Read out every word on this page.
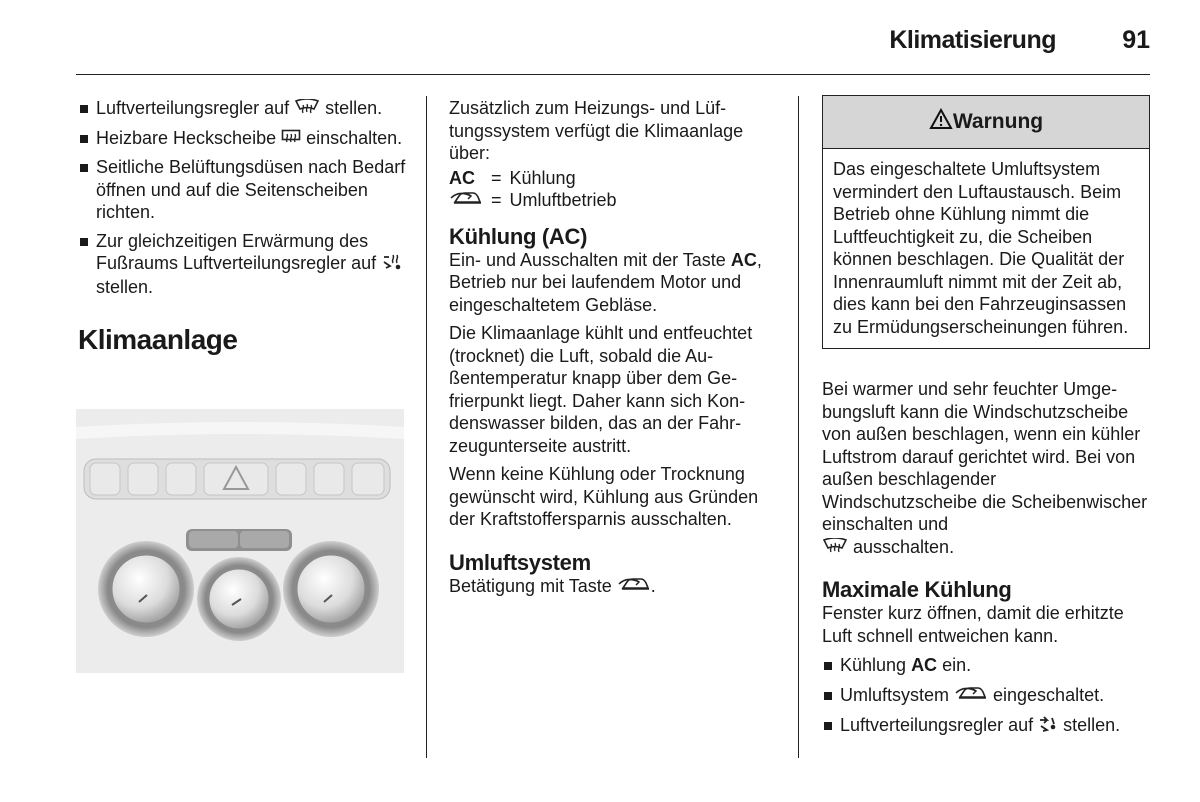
Klimatisierung	91
Luftverteilungsregler auf  stellen.
Heizbare Heckscheibe  einschalten.
Seitliche Belüftungsdüsen nach Bedarf öffnen und auf die Seitenscheiben richten.
Zur gleichzeitigen Erwärmung des Fußraums Luftverteilungsregler auf  stellen.
Klimaanlage

Zusätzlich zum Heizungs- und Lüftungssystem verfügt die Klimaanlage über:

AC	=	Kühlung
	=	Umluftbetrieb
Kühlung (AC)

Ein- und Ausschalten mit der Taste AC, Betrieb nur bei laufendem Motor und eingeschaltetem Gebläse.

Die Klimaanlage kühlt und entfeuchtet (trocknet) die Luft, sobald die Außentemperatur knapp über dem Gefrierpunkt liegt. Daher kann sich Kondenswasser bilden, das an der Fahrzeugunterseite austritt.

Wenn keine Kühlung oder Trocknung gewünscht wird, Kühlung aus Gründen der Kraftstoffersparnis ausschalten.

Umluftsystem

Betätigung mit Taste .

Warnung
Das eingeschaltete Umluftsystem vermindert den Luftaustausch. Beim Betrieb ohne Kühlung nimmt die Luftfeuchtigkeit zu, die Scheiben können beschlagen. Die Qualität der Innenraumluft nimmt mit der Zeit ab, dies kann bei den Fahrzeuginsassen zu Ermüdungserscheinungen führen.

Bei warmer und sehr feuchter Umgebungsluft kann die Windschutzscheibe von außen beschlagen, wenn ein kühler Luftstrom darauf gerichtet wird. Bei von außen beschlagender Windschutzscheibe die Scheibenwischer einschalten und
ausschalten.

Maximale Kühlung

Fenster kurz öffnen, damit die erhitzte Luft schnell entweichen kann.

Kühlung AC ein.
Umluftsystem  eingeschaltet.
Luftverteilungsregler auf  stellen.
